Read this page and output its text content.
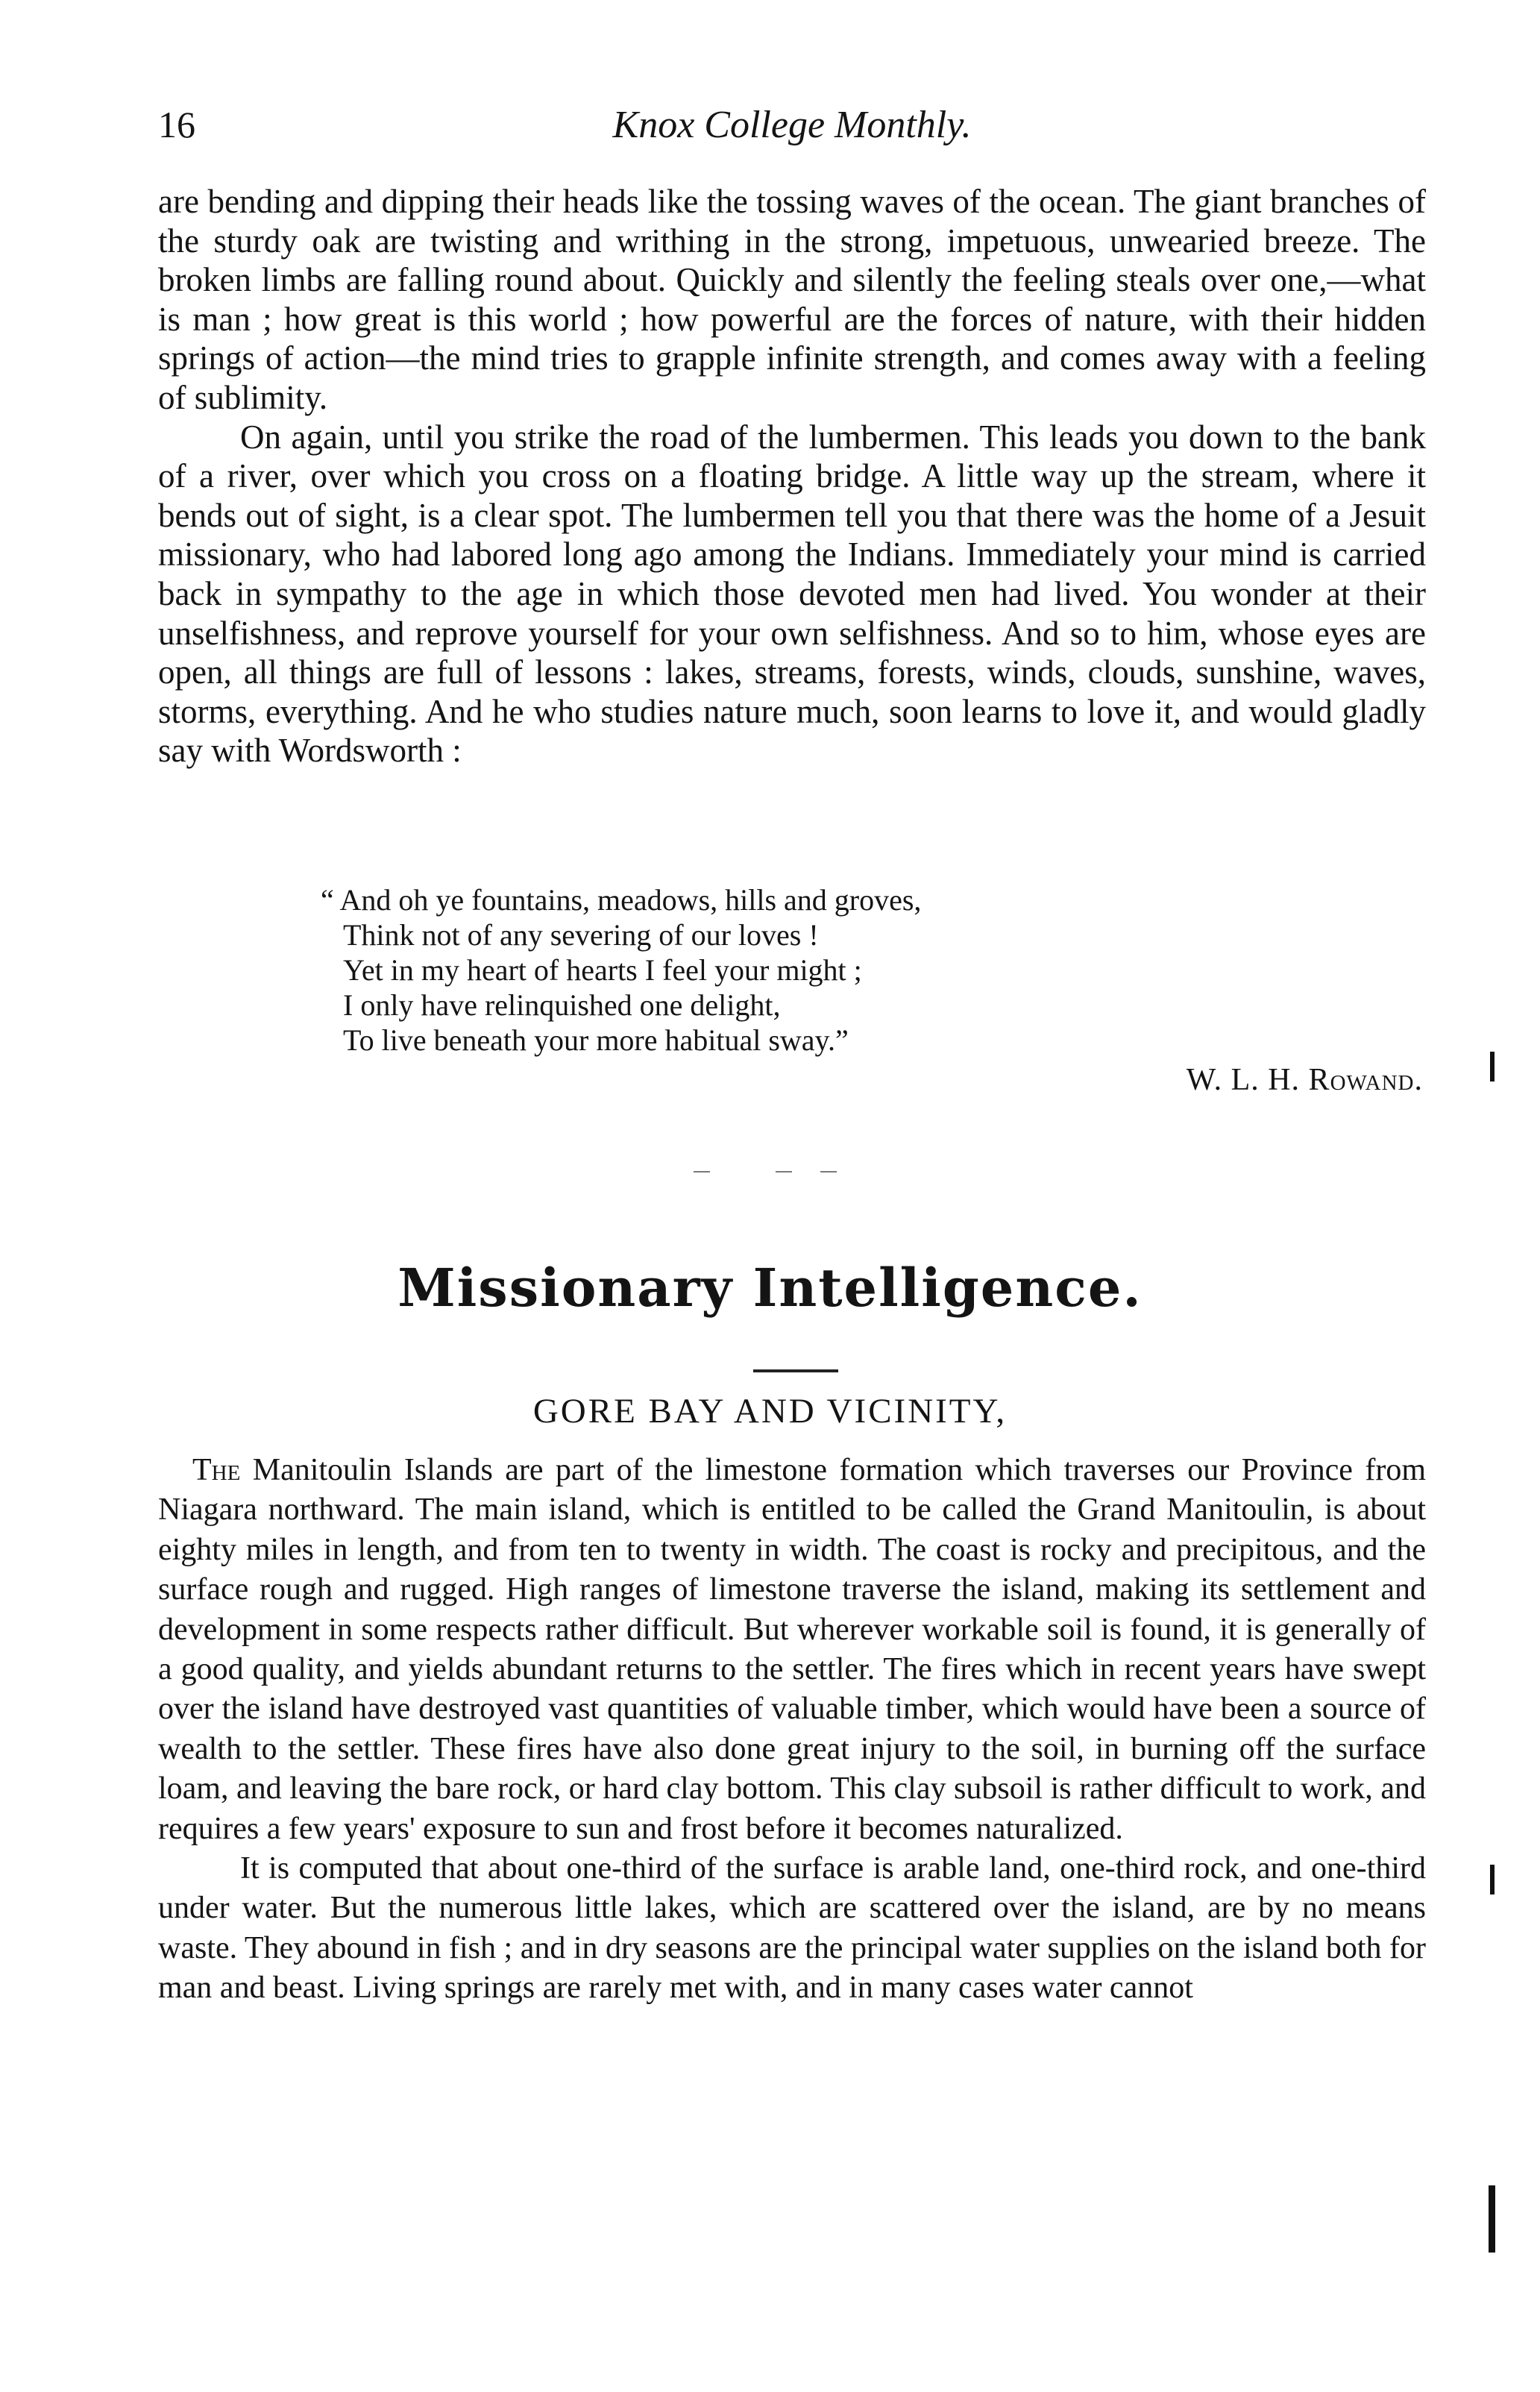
16	Knox College Monthly.

are bending and dipping their heads like the tossing waves of the ocean. The giant branches of the sturdy oak are twisting and writhing in the strong, impetuous, unwearied breeze. The broken limbs are falling round about. Quickly and silently the feeling steals over one,—what is man ; how great is this world ; how powerful are the forces of nature, with their hidden springs of action—the mind tries to grapple infinite strength, and comes away with a feeling of sublimity.

On again, until you strike the road of the lumbermen. This leads you down to the bank of a river, over which you cross on a floating bridge. A little way up the stream, where it bends out of sight, is a clear spot. The lumbermen tell you that there was the home of a Jesuit missionary, who had labored long ago among the Indians. Immediately your mind is carried back in sympathy to the age in which those devoted men had lived. You wonder at their unselfishness, and reprove yourself for your own selfishness. And so to him, whose eyes are open, all things are full of lessons : lakes, streams, forests, winds, clouds, sunshine, waves, storms, everything. And he who studies nature much, soon learns to love it, and would gladly say with Wordsworth :

“ And oh ye fountains, meadows, hills and groves,
Think not of any severing of our loves !
Yet in my heart of hearts I feel your might ;
I only have relinquished one delight,
To live beneath your more habitual sway.”
W. L. H. Rowand.
Missionary Intelligence.
GORE BAY AND VICINITY,

The Manitoulin Islands are part of the limestone formation which traverses our Province from Niagara northward. The main island, which is entitled to be called the Grand Manitoulin, is about eighty miles in length, and from ten to twenty in width. The coast is rocky and precipitous, and the surface rough and rugged. High ranges of limestone traverse the island, making its settlement and development in some respects rather difficult. But wherever workable soil is found, it is generally of a good quality, and yields abundant returns to the settler. The fires which in recent years have swept over the island have destroyed vast quantities of valuable timber, which would have been a source of wealth to the settler. These fires have also done great injury to the soil, in burning off the surface loam, and leaving the bare rock, or hard clay bottom. This clay subsoil is rather difficult to work, and requires a few years' exposure to sun and frost before it becomes naturalized.

It is computed that about one-third of the surface is arable land, one-third rock, and one-third under water. But the numerous little lakes, which are scattered over the island, are by no means waste. They abound in fish ; and in dry seasons are the principal water supplies on the island both for man and beast. Living springs are rarely met with, and in many cases water cannot
